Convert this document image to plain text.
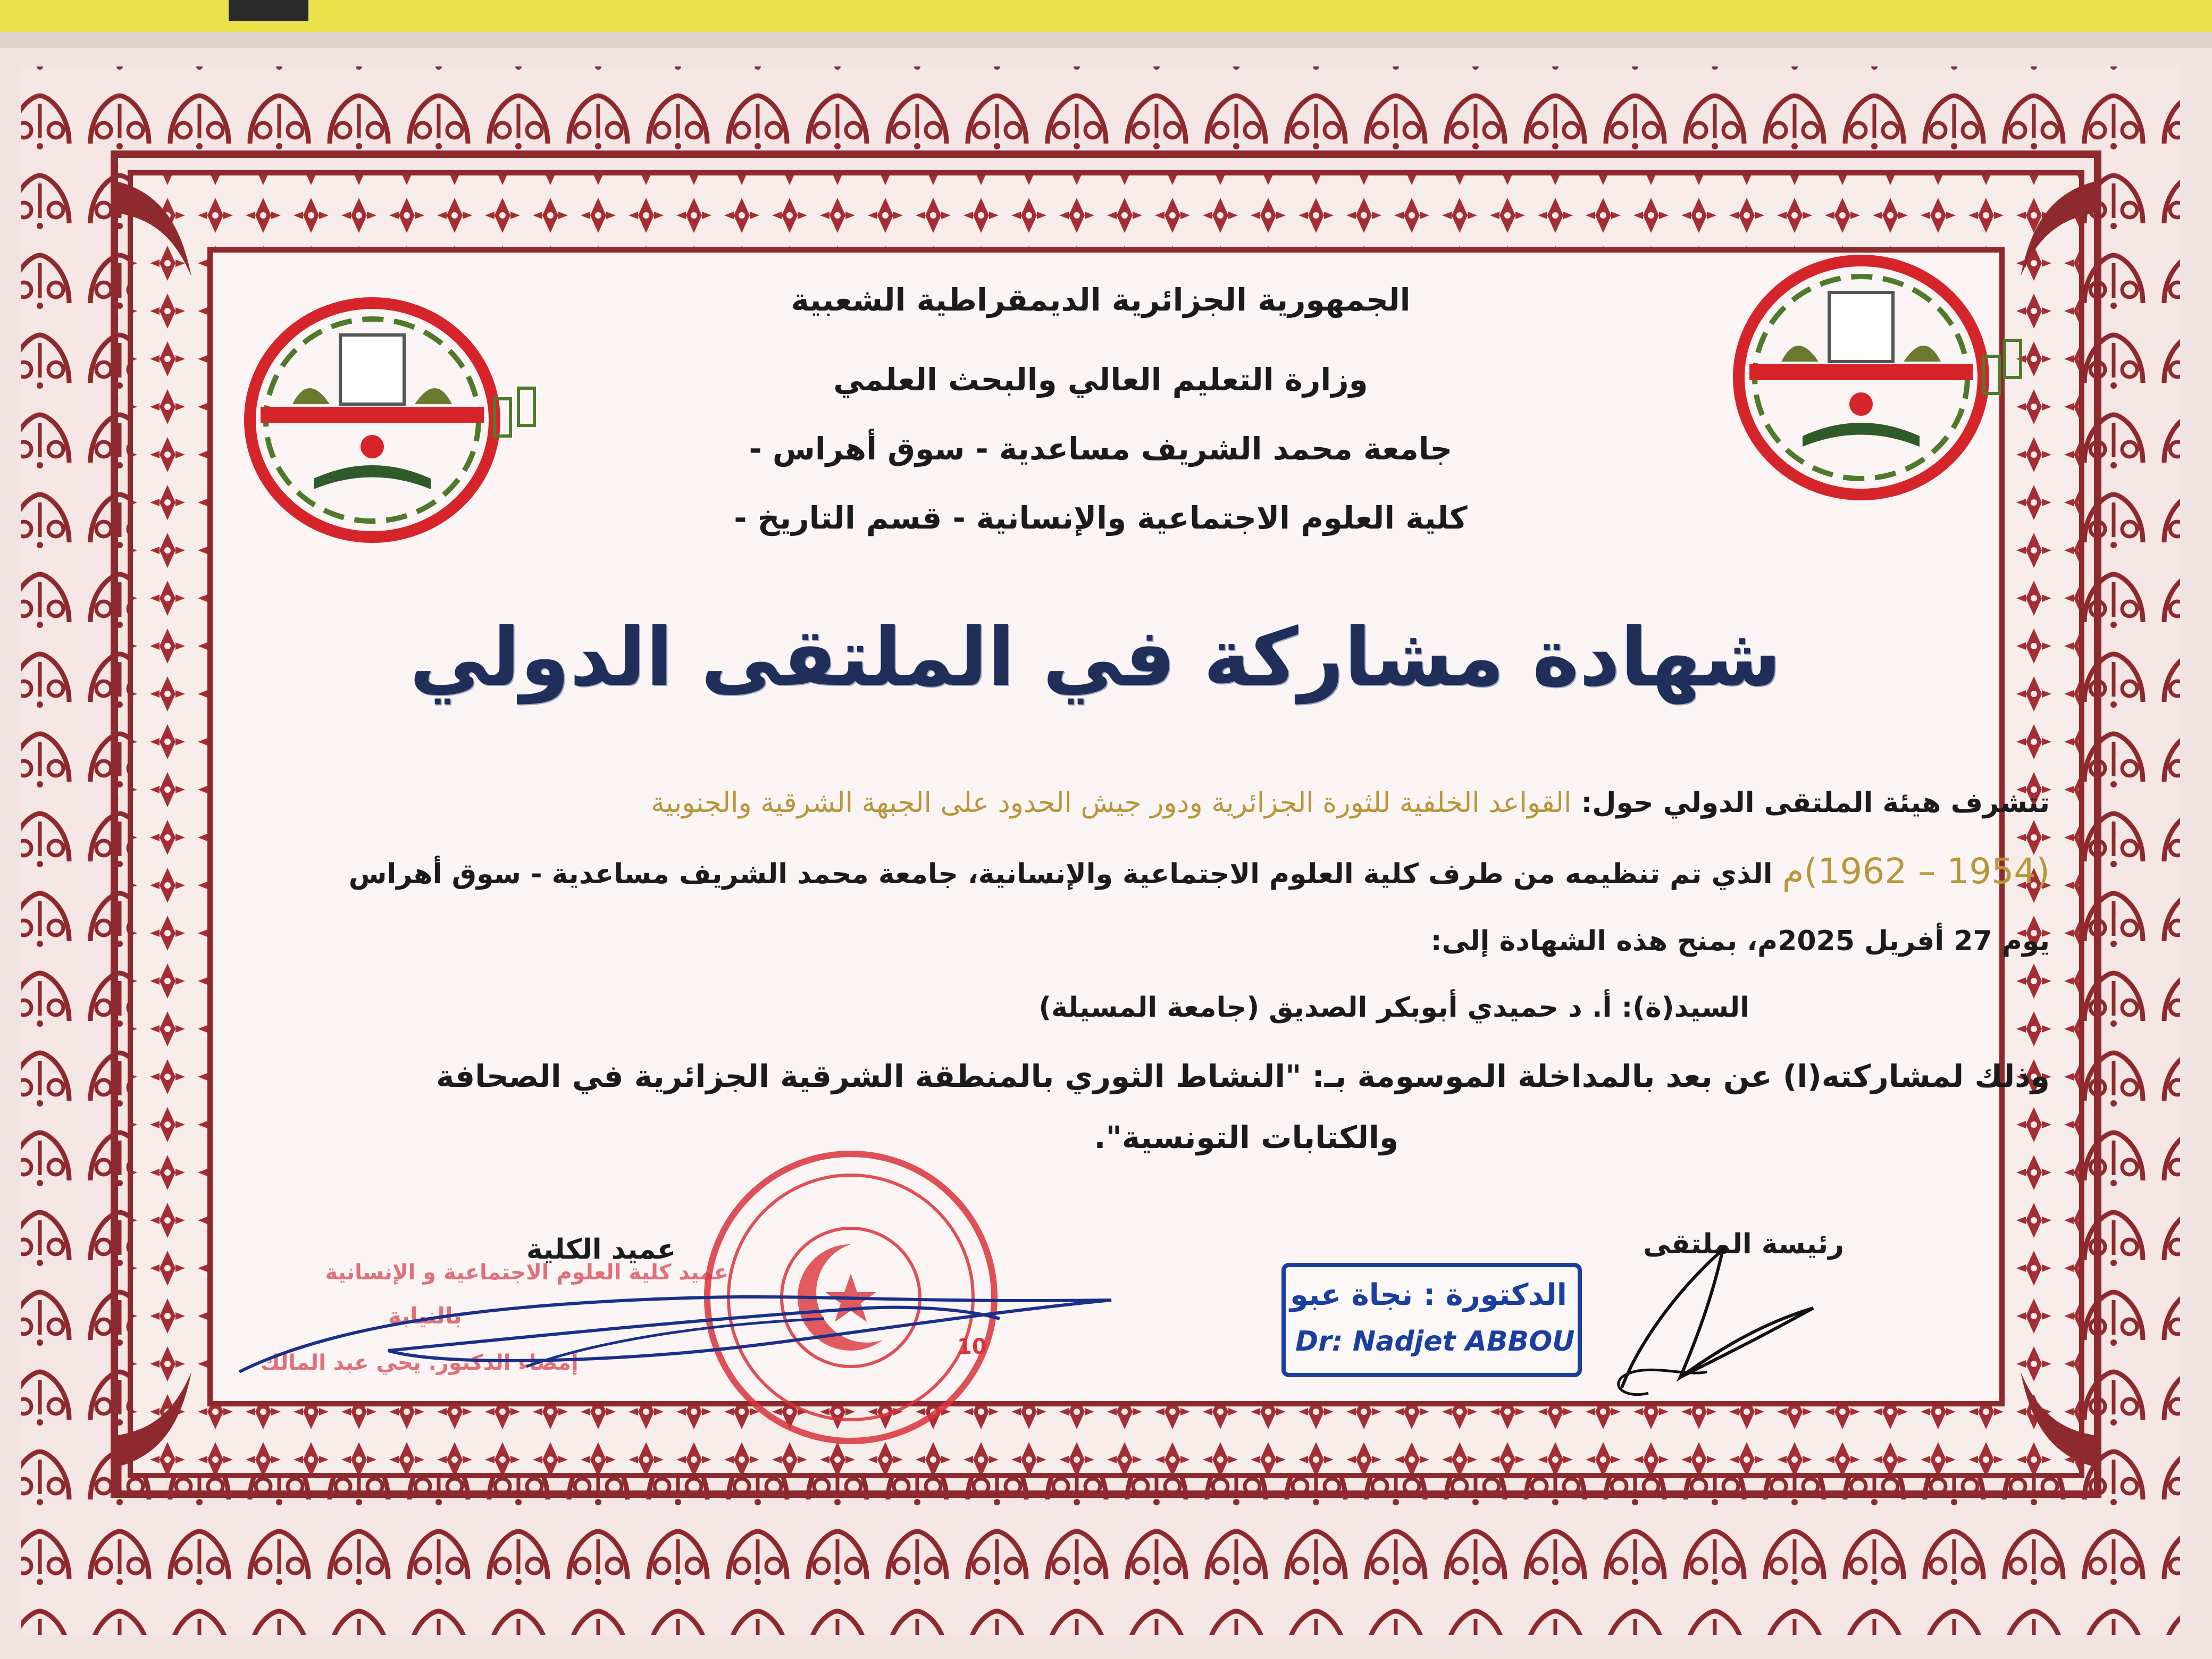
الجمهورية الجزائرية الديمقراطية الشعبية
وزارة التعليم العالي والبحث العلمي
جامعة محمد الشريف مساعدية - سوق أهراس -
كلية العلوم الاجتماعية والإنسانية - قسم التاريخ -
شهادة مشاركة في الملتقى الدولي
تتشرف هيئة الملتقى الدولي حول: القواعد الخلفية للثورة الجزائرية ودور جيش الحدود على الجبهة الشرقية والجنوبية
(1954 – 1962)م الذي تم تنظيمه من طرف كلية العلوم الاجتماعية والإنسانية، جامعة محمد الشريف مساعدية - سوق أهراس
يوم 27 أفريل 2025م، بمنح هذه الشهادة إلى:
السيد(ة): أ. د حميدي أبوبكر الصديق (جامعة المسيلة)
وذلك لمشاركته(ا) عن بعد بالمداخلة الموسومة بـ: "النشاط الثوري بالمنطقة الشرقية الجزائرية في الصحافة
والكتابات التونسية".
عميد الكلية	رئيسة الملتقى
عميد كلية العلوم الاجتماعية و الإنسانية
بالنيابة
إمضاء الدكتور. يحي عبد المالك
10
الدكتورة : نجاة عبو
Dr: Nadjet ABBOU
